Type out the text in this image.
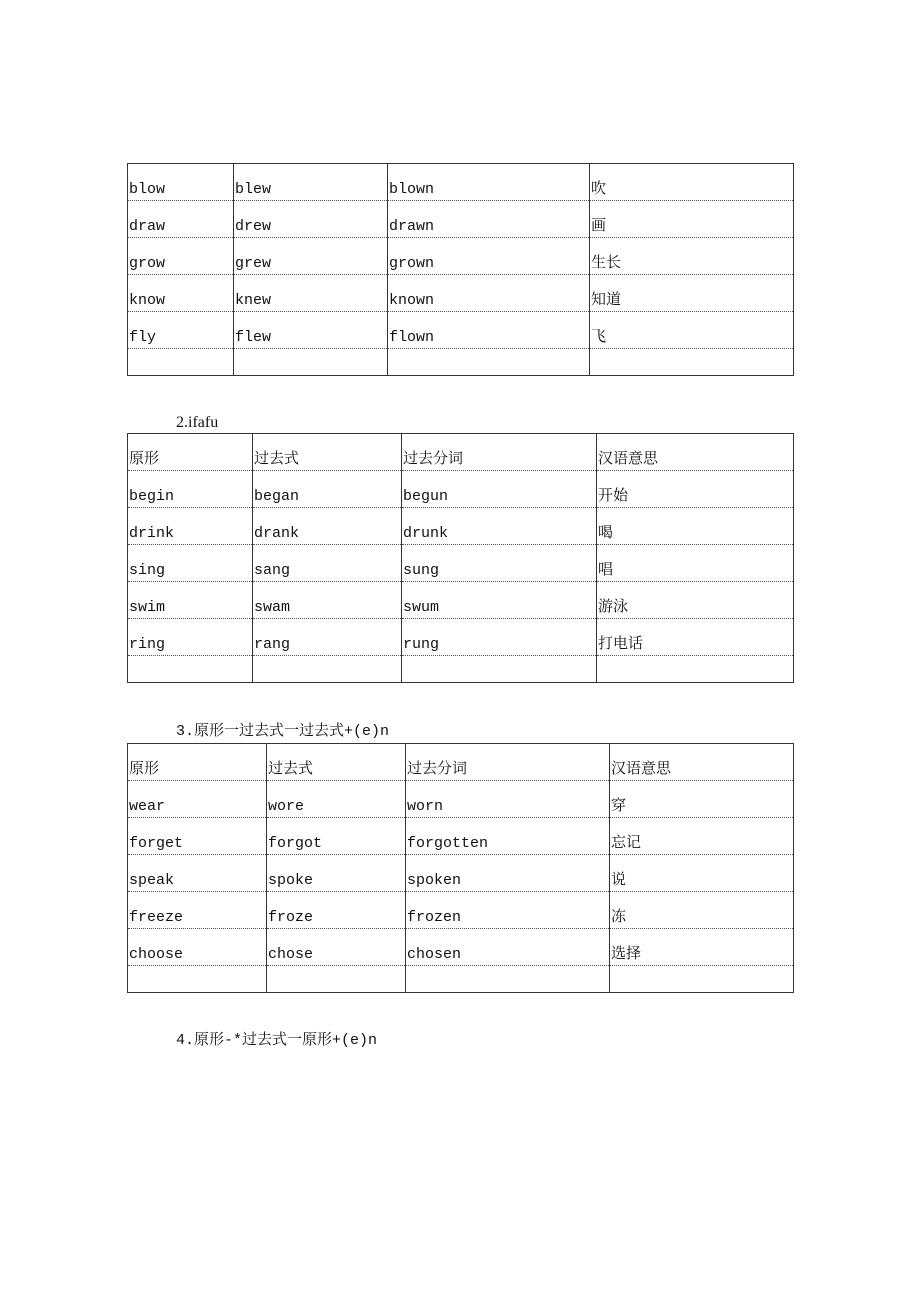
blow	blew	blown	吹
draw	drew	drawn	画
grow	grew	grown	生长
know	knew	known	知道
fly	flew	flown	飞

2.ifafu
原形	过去式	过去分词	汉语意思
begin	began	begun	开始
drink	drank	drunk	喝
sing	sang	sung	唱
swim	swam	swum	游泳
ring	rang	rung	打电话

3.原形一过去式一过去式+(e)n
原形	过去式	过去分词	汉语意思
wear	wore	worn	穿
forget	forgot	forgotten	忘记
speak	spoke	spoken	说
freeze	froze	frozen	冻
choose	chose	chosen	选择

4.原形-*过去式一原形+(e)n
